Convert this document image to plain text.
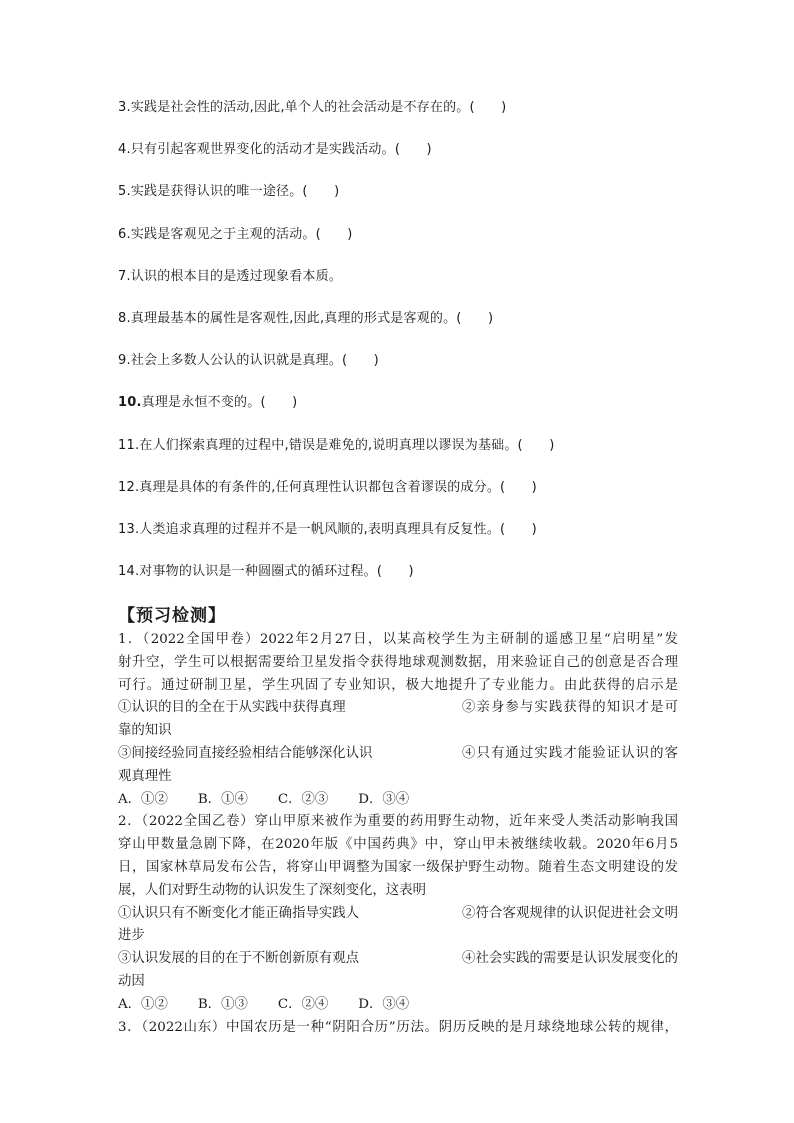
3.实践是社会性的活动,因此,单个人的社会活动是不存在的。(　　)
4.只有引起客观世界变化的活动才是实践活动。(　　)
5.实践是获得认识的唯一途径。(　　)
6.实践是客观见之于主观的活动。(　　)
7.认识的根本目的是透过现象看本质。
8.真理最基本的属性是客观性,因此,真理的形式是客观的。(　　)
9.社会上多数人公认的认识就是真理。(　　)
10.真理是永恒不变的。(　　)
11.在人们探索真理的过程中,错误是难免的,说明真理以谬误为基础。(　　)
12.真理是具体的有条件的,任何真理性认识都包含着谬误的成分。(　　)
13.人类追求真理的过程并不是一帆风顺的,表明真理具有反复性。(　　)
14.对事物的认识是一种圆圈式的循环过程。(　　)
【预习检测】
1．（2022全国甲卷）2022年2月27日，以某高校学生为主研制的遥感卫星“启明星”发
射升空，学生可以根据需要给卫星发指令获得地球观测数据，用来验证自己的创意是否合理
可行。通过研制卫星，学生巩固了专业知识，极大地提升了专业能力。由此获得的启示是
①认识的目的全在于从实践中获得真理	②亲身参与实践获得的知识才是可
靠的知识
③间接经验同直接经验相结合能够深化认识	④只有通过实践才能验证认识的客
观真理性
A．①② B．①④ C．②③ D．③④
2．（2022全国乙卷）穿山甲原来被作为重要的药用野生动物，近年来受人类活动影响我国
穿山甲数量急剧下降，在2020年版《中国药典》中，穿山甲未被继续收载。2020年6月5
日，国家林草局发布公告，将穿山甲调整为国家一级保护野生动物。随着生态文明建设的发
展，人们对野生动物的认识发生了深刻变化，这表明
①认识只有不断变化才能正确指导实践人	②符合客观规律的认识促进社会文明
进步
③认识发展的目的在于不断创新原有观点	④社会实践的需要是认识发展变化的
动因
A．①② B．①③ C．②④ D．③④
3．（2022山东）中国农历是一种“阴阳合历”历法。阴历反映的是月球绕地球公转的规律，
